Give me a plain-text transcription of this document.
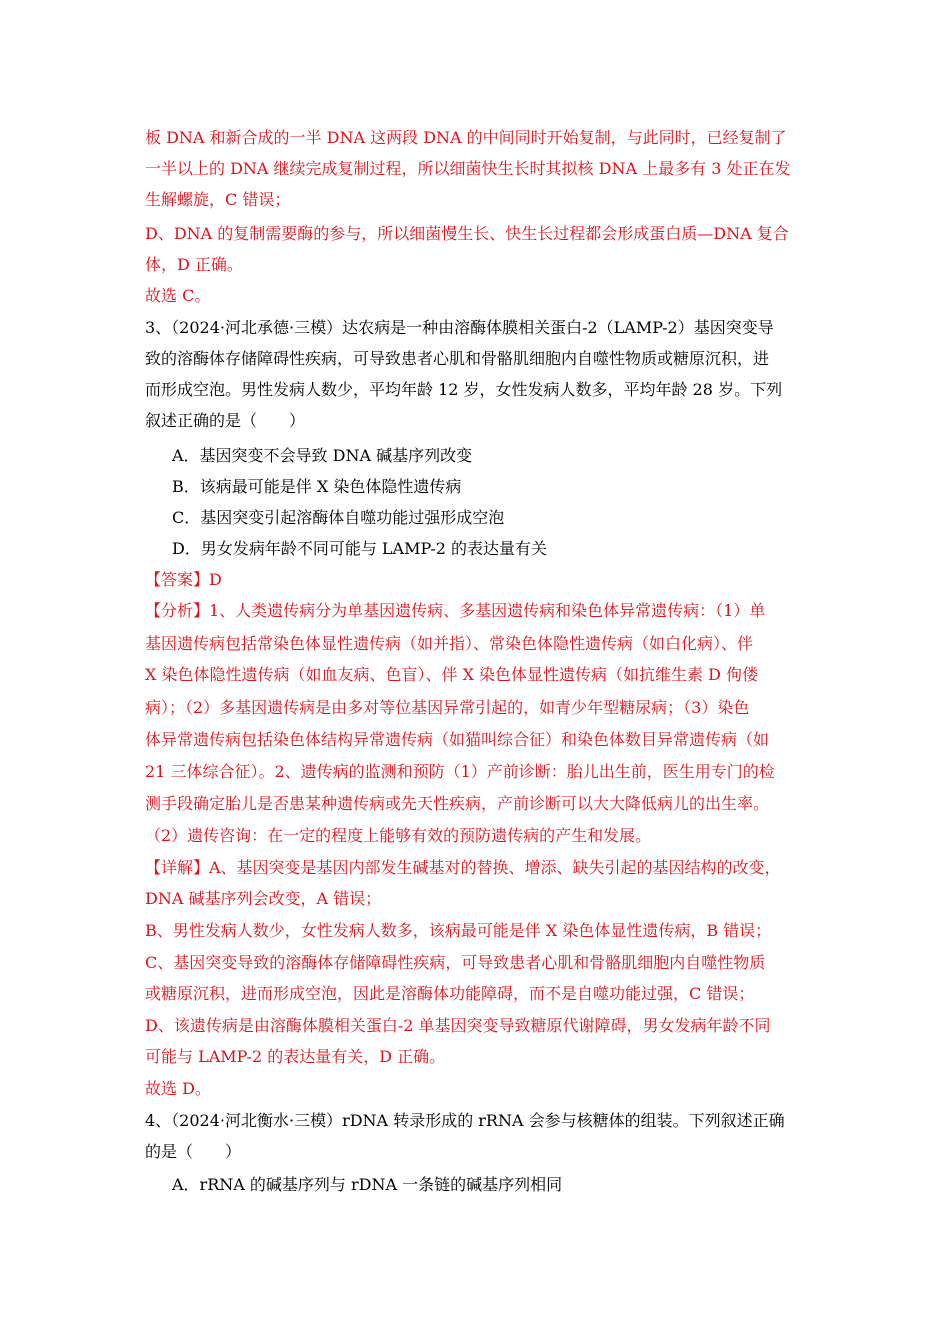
板 DNA 和新合成的一半 DNA 这两段 DNA 的中间同时开始复制，与此同时，已经复制了
一半以上的 DNA 继续完成复制过程，所以细菌快生长时其拟核 DNA 上最多有 3 处正在发
生解螺旋，C 错误；
D、DNA 的复制需要酶的参与，所以细菌慢生长、快生长过程都会形成蛋白质—DNA 复合
体，D 正确。
故选 C。
3、（2024·河北承德·三模）达农病是一种由溶酶体膜相关蛋白-2（LAMP-2）基因突变导
致的溶酶体存储障碍性疾病，可导致患者心肌和骨骼肌细胞内自噬性物质或糖原沉积，进
而形成空泡。男性发病人数少，平均年龄 12 岁，女性发病人数多，平均年龄 28 岁。下列
叙述正确的是（　　）
A．基因突变不会导致 DNA 碱基序列改变
B．该病最可能是伴 X 染色体隐性遗传病
C．基因突变引起溶酶体自噬功能过强形成空泡
D．男女发病年龄不同可能与 LAMP-2 的表达量有关
【答案】D
【分析】1、人类遗传病分为单基因遗传病、多基因遗传病和染色体异常遗传病：（1）单
基因遗传病包括常染色体显性遗传病（如并指）、常染色体隐性遗传病（如白化病）、伴
X 染色体隐性遗传病（如血友病、色盲）、伴 X 染色体显性遗传病（如抗维生素 D 佝偻
病）；（2）多基因遗传病是由多对等位基因异常引起的，如青少年型糖尿病；（3）染色
体异常遗传病包括染色体结构异常遗传病（如猫叫综合征）和染色体数目异常遗传病（如
21 三体综合征）。2、遗传病的监测和预防（1）产前诊断：胎儿出生前，医生用专门的检
测手段确定胎儿是否患某种遗传病或先天性疾病，产前诊断可以大大降低病儿的出生率。
（2）遗传咨询：在一定的程度上能够有效的预防遗传病的产生和发展。
【详解】A、基因突变是基因内部发生碱基对的替换、增添、缺失引起的基因结构的改变，
DNA 碱基序列会改变，A 错误；
B、男性发病人数少，女性发病人数多，该病最可能是伴 X 染色体显性遗传病，B 错误；
C、基因突变导致的溶酶体存储障碍性疾病，可导致患者心肌和骨骼肌细胞内自噬性物质
或糖原沉积，进而形成空泡，因此是溶酶体功能障碍，而不是自噬功能过强，C 错误；
D、该遗传病是由溶酶体膜相关蛋白-2 单基因突变导致糖原代谢障碍，男女发病年龄不同
可能与 LAMP-2 的表达量有关，D 正确。
故选 D。
4、（2024·河北衡水·三模）rDNA 转录形成的 rRNA 会参与核糖体的组装。下列叙述正确
的是（　　）
A．rRNA 的碱基序列与 rDNA 一条链的碱基序列相同
